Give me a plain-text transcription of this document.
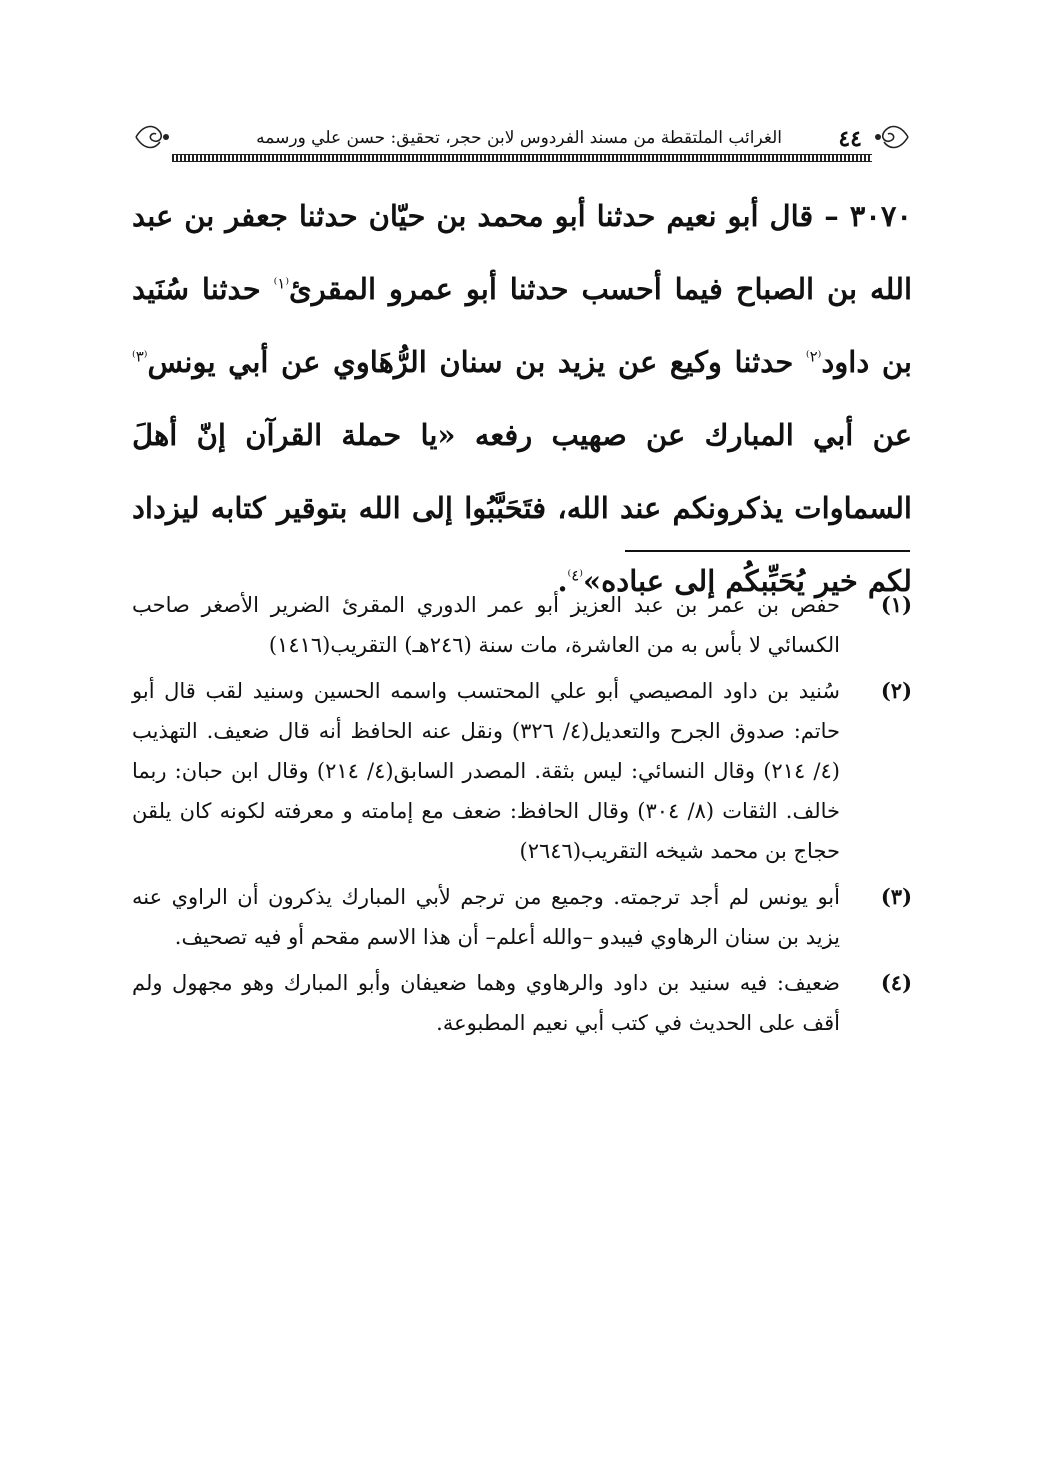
٤٤
الغرائب الملتقطة من مسند الفردوس لابن حجر، تحقيق: حسن علي ورسمه
٣٠٧٠ – قال أبو نعيم حدثنا أبو محمد بن حيّان حدثنا جعفر بن عبد الله بن الصباح فيما أحسب حدثنا أبو عمرو المقرئ$^{^(١^)}$ حدثنا سُنَيد بن داود$^{^(٢^)}$ حدثنا وكيع عن يزيد بن سنان الرُّهَاوي عن أبي يونس$^{^(٣^)}$ عن أبي المبارك عن صهيب رفعه «يا حملة القرآن إنّ أهلَ السماوات يذكرونكم عند الله، فتَحَبَّبُوا إلى الله بتوقير كتابه ليزداد لكم خير يُحَبِّبكُم إلى عباده»$^{^(٤^)}$.
(١)
حفص بن عمر بن عبد العزيز أبو عمر الدوري المقرئ الضرير الأصغر صاحب الكسائي لا بأس به من العاشرة، مات سنة (٢٤٦هـ) التقريب(١٤١٦)
(٢)
سُنيد بن داود المصيصي أبو علي المحتسب واسمه الحسين وسنيد لقب قال أبو حاتم: صدوق الجرح والتعديل(٤/ ٣٢٦) ونقل عنه الحافظ أنه قال ضعيف. التهذيب (٤/ ٢١٤) وقال النسائي: ليس بثقة. المصدر السابق(٤/ ٢١٤) وقال ابن حبان: ربما خالف. الثقات (٨/ ٣٠٤) وقال الحافظ: ضعف مع إمامته و معرفته لكونه كان يلقن حجاج بن محمد شيخه التقريب(٢٦٤٦)
(٣)
أبو يونس لم أجد ترجمته. وجميع من ترجم لأبي المبارك يذكرون أن الراوي عنه يزيد بن سنان الرهاوي فيبدو –والله أعلم– أن هذا الاسم مقحم أو فيه تصحيف.
(٤)
ضعيف: فيه سنيد بن داود والرهاوي وهما ضعيفان وأبو المبارك وهو مجهول ولم أقف على الحديث في كتب أبي نعيم المطبوعة.
